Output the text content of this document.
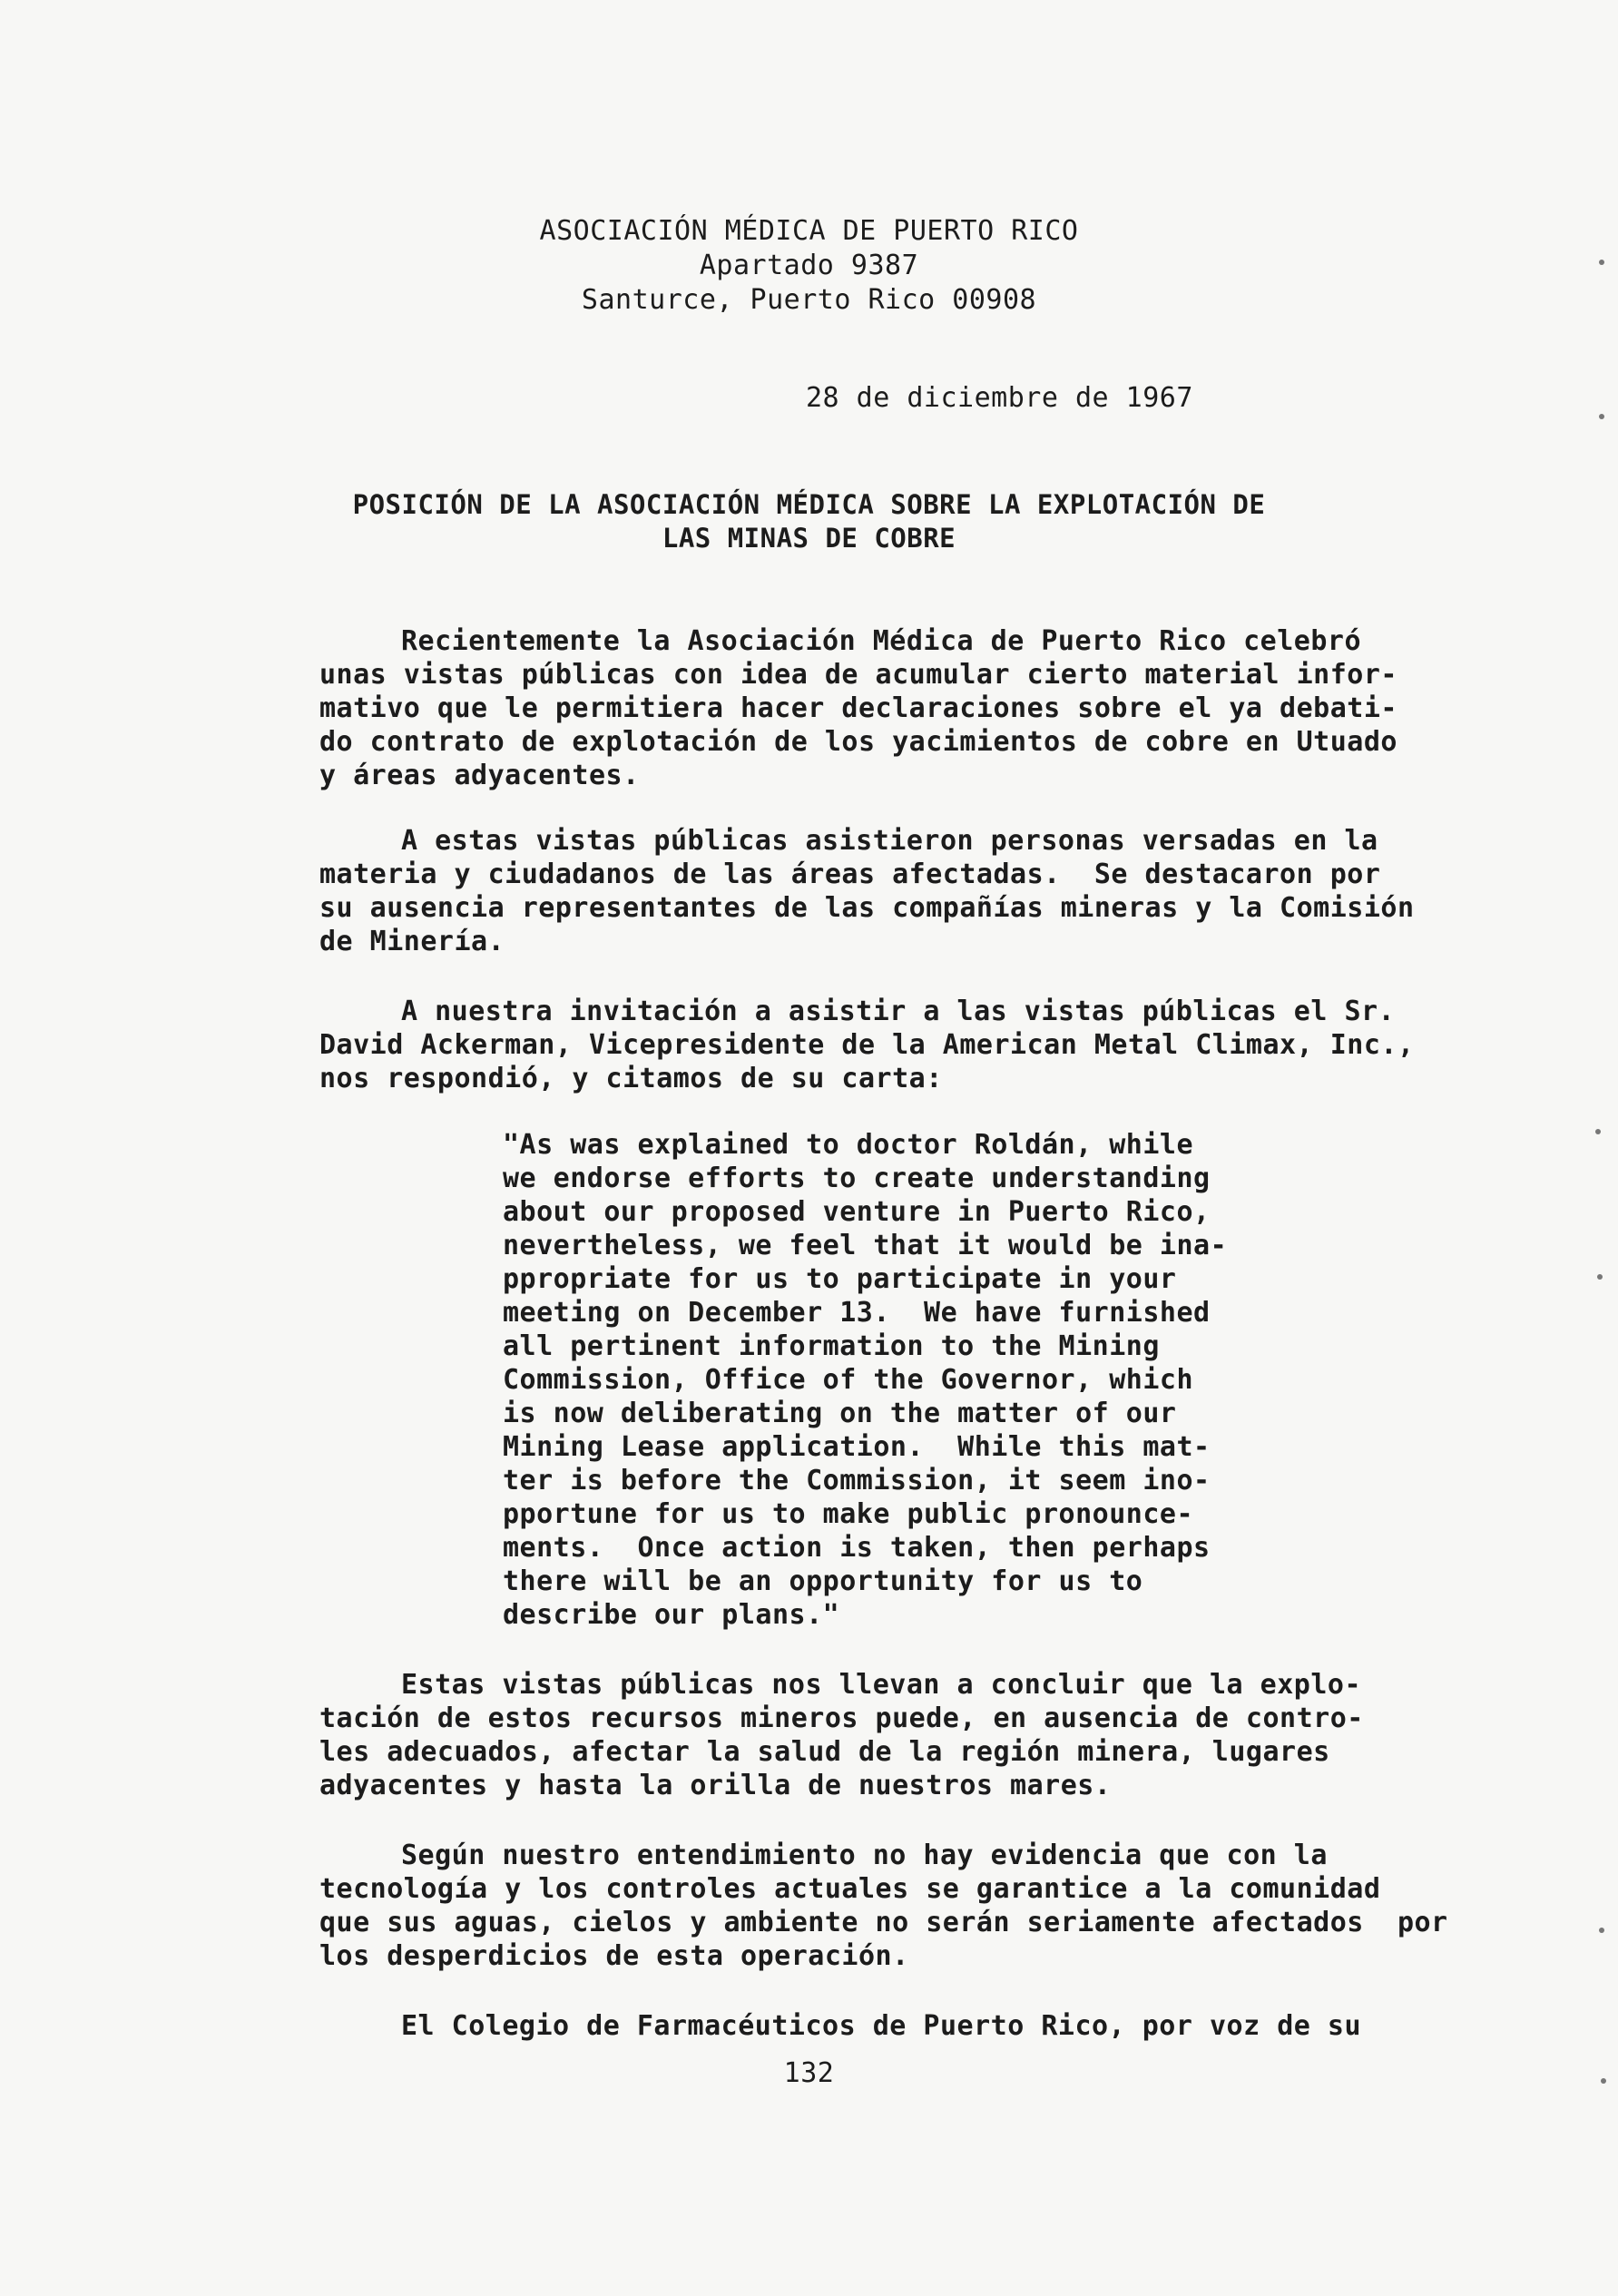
ASOCIACIÓN MÉDICA DE PUERTO RICO
Apartado 9387
Santurce, Puerto Rico 00908
28 de diciembre de 1967
POSICIÓN DE LA ASOCIACIÓN MÉDICA SOBRE LA EXPLOTACIÓN DE
LAS MINAS DE COBRE
Recientemente la Asociación Médica de Puerto Rico celebró
unas vistas públicas con idea de acumular cierto material infor-
mativo que le permitiera hacer declaraciones sobre el ya debati-
do contrato de explotación de los yacimientos de cobre en Utuado
y áreas adyacentes.
A estas vistas públicas asistieron personas versadas en la
materia y ciudadanos de las áreas afectadas.  Se destacaron por
su ausencia representantes de las compañías mineras y la Comisión
de Minería.
A nuestra invitación a asistir a las vistas públicas el Sr.
David Ackerman, Vicepresidente de la American Metal Climax, Inc.,
nos respondió, y citamos de su carta:
"As was explained to doctor Roldán, while
we endorse efforts to create understanding
about our proposed venture in Puerto Rico,
nevertheless, we feel that it would be ina-
ppropriate for us to participate in your
meeting on December 13.  We have furnished
all pertinent information to the Mining
Commission, Office of the Governor, which
is now deliberating on the matter of our
Mining Lease application.  While this mat-
ter is before the Commission, it seem ino-
pportune for us to make public pronounce-
ments.  Once action is taken, then perhaps
there will be an opportunity for us to
describe our plans."
Estas vistas públicas nos llevan a concluir que la explo-
tación de estos recursos mineros puede, en ausencia de contro-
les adecuados, afectar la salud de la región minera, lugares
adyacentes y hasta la orilla de nuestros mares.
Según nuestro entendimiento no hay evidencia que con la
tecnología y los controles actuales se garantice a la comunidad
que sus aguas, cielos y ambiente no serán seriamente afectados  por
los desperdicios de esta operación.
El Colegio de Farmacéuticos de Puerto Rico, por voz de su
132
